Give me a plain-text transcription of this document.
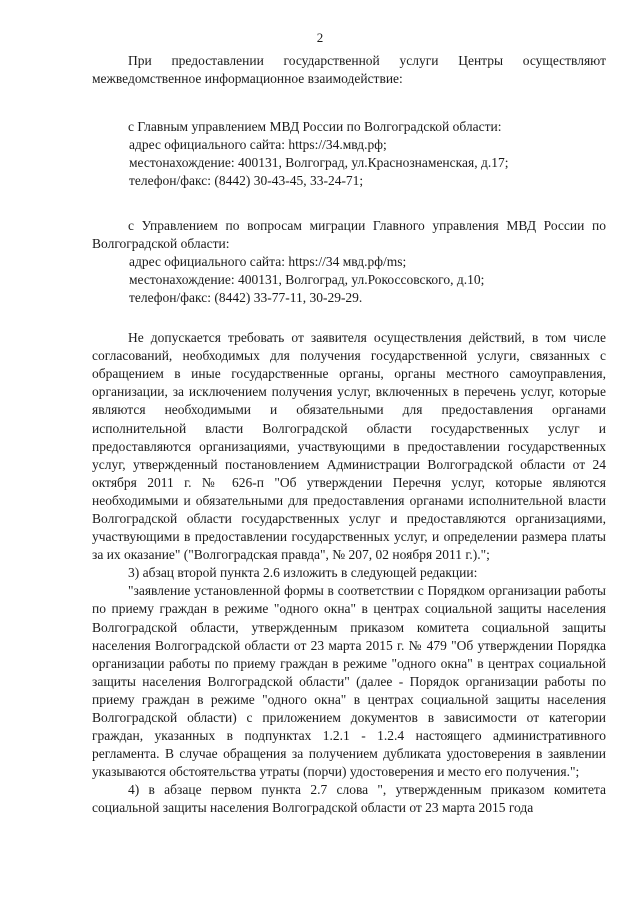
2

При предоставлении государственной услуги Центры осуществляют межведомственное информационное взаимодействие:

с Главным управлением МВД России по Волгоградской области:

адрес официального сайта: https://34.мвд.рф;

местонахождение: 400131, Волгоград, ул.Краснознаменская, д.17;

телефон/факс: (8442) 30-43-45, 33-24-71;

с Управлением по вопросам миграции Главного управления МВД России по Волгоградской области:

адрес официального сайта: https://34 мвд.рф/ms;

местонахождение: 400131, Волгоград, ул.Рокоссовского, д.10;

телефон/факс: (8442) 33-77-11, 30-29-29.

Не допускается требовать от заявителя осуществления действий, в том числе согласований, необходимых для получения государственной услуги, связанных с обращением в иные государственные органы, органы местного самоуправления, организации, за исключением получения услуг, включенных в перечень услуг, которые являются необходимыми и обязательными для предоставления органами исполнительной власти Волгоградской области государственных услуг и предоставляются организациями, участвующими в предоставлении государственных услуг, утвержденный постановлением Администрации Волгоградской области от 24 октября 2011 г. № 626-п "Об утверждении Перечня услуг, которые являются необходимыми и обязательными для предоставления органами исполнительной власти Волгоградской области государственных услуг и предоставляются организациями, участвующими в предоставлении государственных услуг, и определении размера платы за их оказание" ("Волгоградская правда", № 207, 02 ноября 2011 г.).";

3) абзац второй пункта 2.6 изложить в следующей редакции:

"заявление установленной формы в соответствии с Порядком организации работы по приему граждан в режиме "одного окна" в центрах социальной защиты населения Волгоградской области, утвержденным приказом комитета социальной защиты населения Волгоградской области от 23 марта 2015 г. № 479 "Об утверждении Порядка организации работы по приему граждан в режиме "одного окна" в центрах социальной защиты населения Волгоградской области" (далее - Порядок организации работы по приему граждан в режиме "одного окна" в центрах социальной защиты населения Волгоградской области) с приложением документов в зависимости от категории граждан, указанных в подпунктах 1.2.1 - 1.2.4 настоящего административного регламента. В случае обращения за получением дубликата удостоверения в заявлении указываются обстоятельства утраты (порчи) удостоверения и место его получения.";

4) в абзаце первом пункта 2.7 слова ", утвержденным приказом комитета социальной защиты населения Волгоградской области от 23 марта 2015 года
